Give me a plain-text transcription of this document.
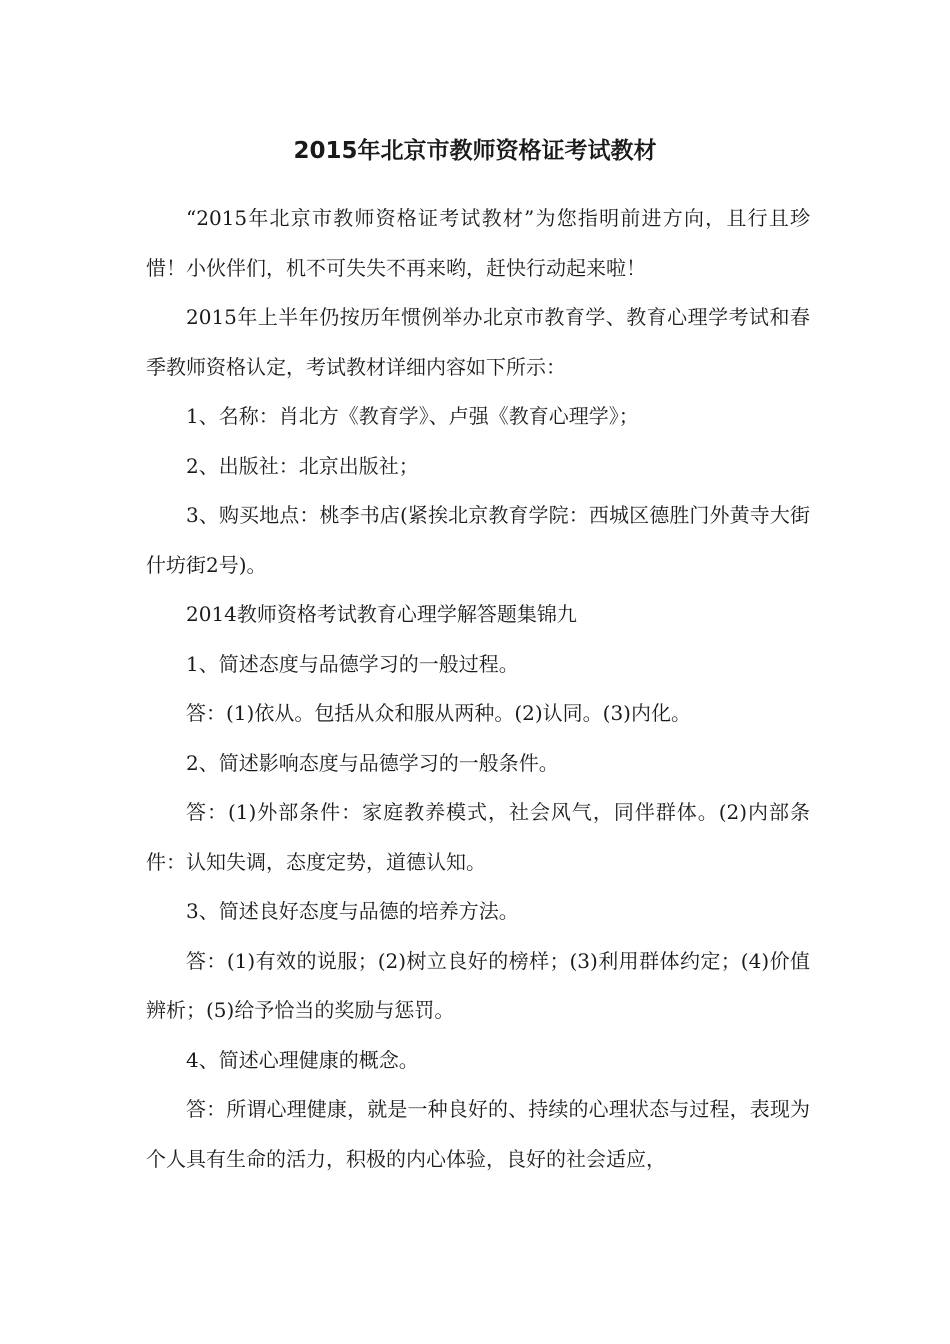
2015年北京市教师资格证考试教材

“2015年北京市教师资格证考试教材”为您指明前进方向，且行且珍惜！小伙伴们，机不可失失不再来哟，赶快行动起来啦！

2015年上半年仍按历年惯例举办北京市教育学、教育心理学考试和春季教师资格认定，考试教材详细内容如下所示：

1、名称：肖北方《教育学》、卢强《教育心理学》；

2、出版社：北京出版社；

3、购买地点：桃李书店(紧挨北京教育学院：西城区德胜门外黄寺大街什坊街2号)。

2014教师资格考试教育心理学解答题集锦九

1、简述态度与品德学习的一般过程。

答：(1)依从。包括从众和服从两种。(2)认同。(3)内化。

2、简述影响态度与品德学习的一般条件。

答：(1)外部条件：家庭教养模式，社会风气，同伴群体。(2)内部条件：认知失调，态度定势，道德认知。

3、简述良好态度与品德的培养方法。

答：(1)有效的说服；(2)树立良好的榜样；(3)利用群体约定；(4)价值辨析；(5)给予恰当的奖励与惩罚。

4、简述心理健康的概念。

答：所谓心理健康，就是一种良好的、持续的心理状态与过程，表现为个人具有生命的活力，积极的内心体验，良好的社会适应，
